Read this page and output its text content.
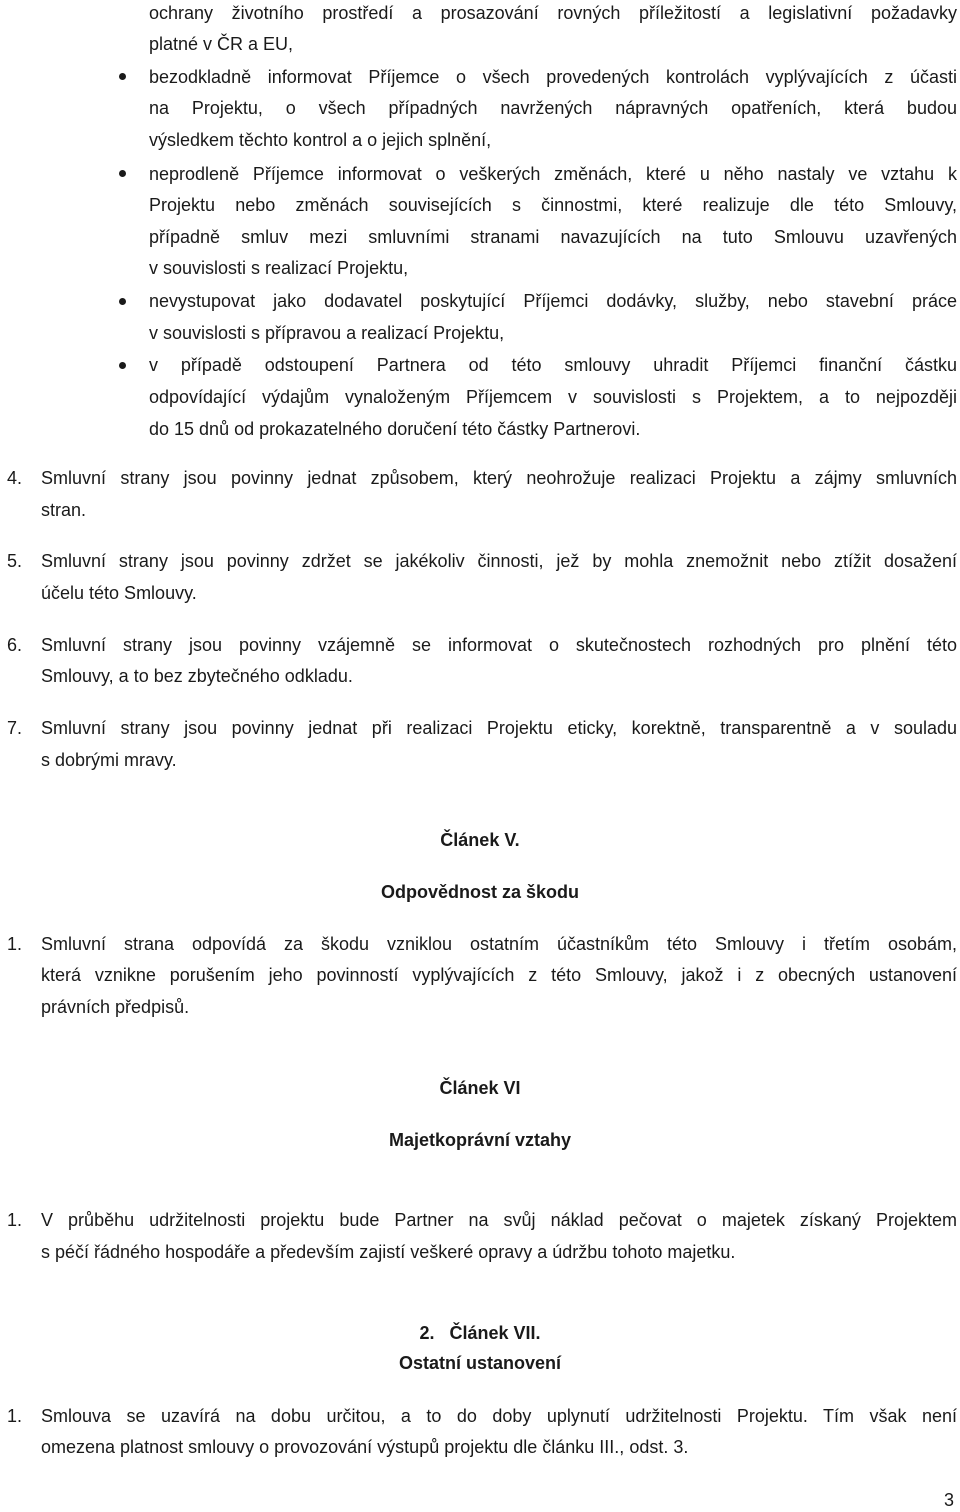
ochrany životního prostředí a prosazování rovných příležitostí a legislativní požadavky
platné v ČR a EU,
bezodkladně informovat Příjemce o všech provedených kontrolách vyplývajících z účasti
na Projektu, o všech případných navržených nápravných opatřeních, která budou
výsledkem těchto kontrol a o jejich splnění,
neprodleně Příjemce informovat o veškerých změnách, které u něho nastaly ve vztahu k
Projektu nebo změnách souvisejících s činnostmi, které realizuje dle této Smlouvy,
případně smluv mezi smluvními stranami navazujících na tuto Smlouvu uzavřených
v souvislosti s realizací Projektu,
nevystupovat jako dodavatel poskytující Příjemci dodávky, služby, nebo stavební práce
v souvislosti s přípravou a realizací Projektu,
v případě odstoupení Partnera od této smlouvy uhradit Příjemci finanční částku
odpovídající výdajům vynaloženým Příjemcem v souvislosti s Projektem, a to nejpozději
do 15 dnů od prokazatelného doručení této částky Partnerovi.
4. Smluvní strany jsou povinny jednat způsobem, který neohrožuje realizaci Projektu a zájmy smluvních
stran.
5. Smluvní strany jsou povinny zdržet se jakékoliv činnosti, jež by mohla znemožnit nebo ztížit dosažení
účelu této Smlouvy.
6. Smluvní strany jsou povinny vzájemně se informovat o skutečnostech rozhodných pro plnění této
Smlouvy, a to bez zbytečného odkladu.
7. Smluvní strany jsou povinny jednat při realizaci Projektu eticky, korektně, transparentně a v souladu
s dobrými mravy.
Článek V.
Odpovědnost za škodu
1. Smluvní strana odpovídá za škodu vzniklou ostatním účastníkům této Smlouvy i třetím osobám,
která vznikne porušením jeho povinností vyplývajících z této Smlouvy, jakož i z obecných ustanovení
právních předpisů.
Článek VI
Majetkoprávní vztahy
1. V průběhu udržitelnosti projektu bude Partner na svůj náklad pečovat o majetek získaný Projektem
s péčí řádného hospodáře a především zajistí veškeré opravy a údržbu tohoto majetku.
2.   Článek VII.
Ostatní ustanovení
1. Smlouva se uzavírá na dobu určitou, a to do doby uplynutí udržitelnosti Projektu. Tím však není
omezena platnost smlouvy o provozování výstupů projektu dle článku III., odst. 3.
3
